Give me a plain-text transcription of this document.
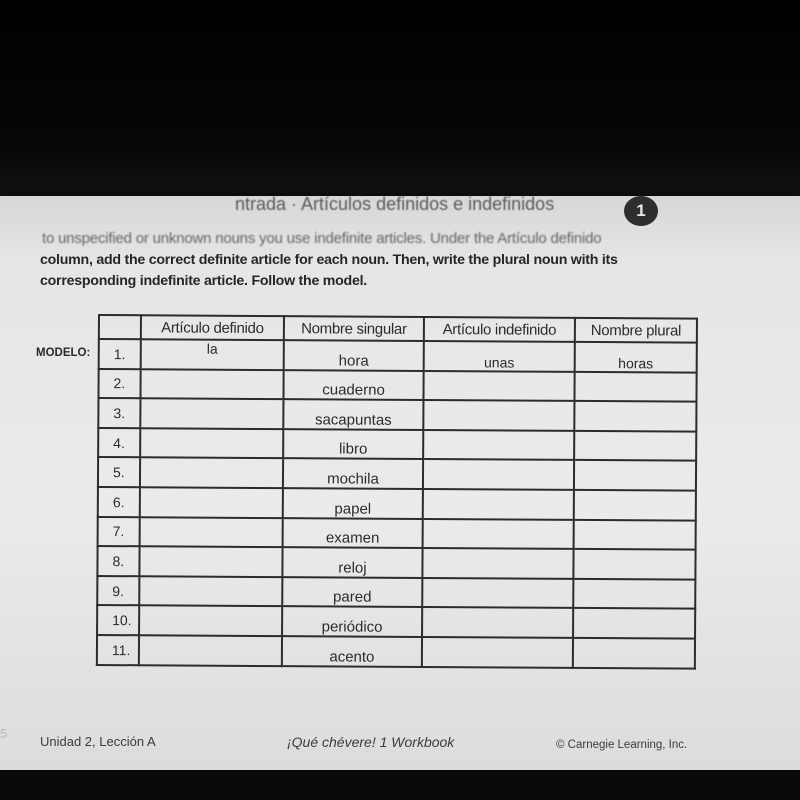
ntrada · Artículos definidos e indefinidos	1
to unspecified or unknown nouns you use indefinite articles. Under the Artículo definido
column, add the correct definite article for each noun. Then, write the plural noun with its
corresponding indefinite article. Follow the model.
MODELO:
	Artículo definido	Nombre singular	Artículo indefinido	Nombre plural
1.	la	hora	unas	horas
2.		cuaderno		
3.		sacapuntas		
4.		libro		
5.		mochila		
6.		papel		
7.		examen		
8.		reloj		
9.		pared		
10.		periódico		
11.		acento		
5
Unidad 2, Lección A	¡Qué chévere! 1 Workbook	© Carnegie Learning, Inc.
